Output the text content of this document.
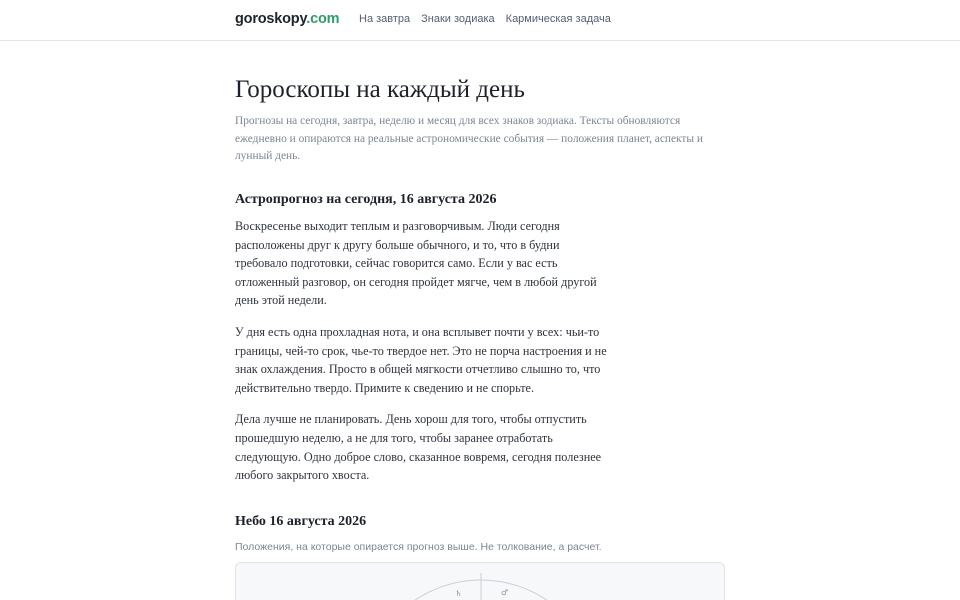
goroskopy.com На завтра Знаки зодиака Кармическая задача
Гороскопы на каждый день

Прогнозы на сегодня, завтра, неделю и месяц для всех знаков зодиака. Тексты обновляются ежедневно и опираются на реальные астрономические события — положения планет, аспекты и лунный день.

Астропрогноз на сегодня, 16 августа 2026

Воскресенье выходит теплым и разговорчивым. Люди сегодня расположены друг к другу больше обычного, и то, что в будни требовало подготовки, сейчас говорится само. Если у вас есть отложенный разговор, он сегодня пройдет мягче, чем в любой другой день этой недели.

У дня есть одна прохладная нота, и она всплывет почти у всех: чьи-то границы, чей-то срок, чье-то твердое нет. Это не порча настроения и не знак охлаждения. Просто в общей мягкости отчетливо слышно то, что действительно твердо. Примите к сведению и не спорьте.

Дела лучше не планировать. День хорош для того, чтобы отпустить прошедшую неделю, а не для того, чтобы заранее отработать следующую. Одно доброе слово, сказанное вовремя, сегодня полезнее любого закрытого хвоста.

Небо 16 августа 2026
Положения, на которые опирается прогноз выше. Не толкование, а расчет.
♄	♂
